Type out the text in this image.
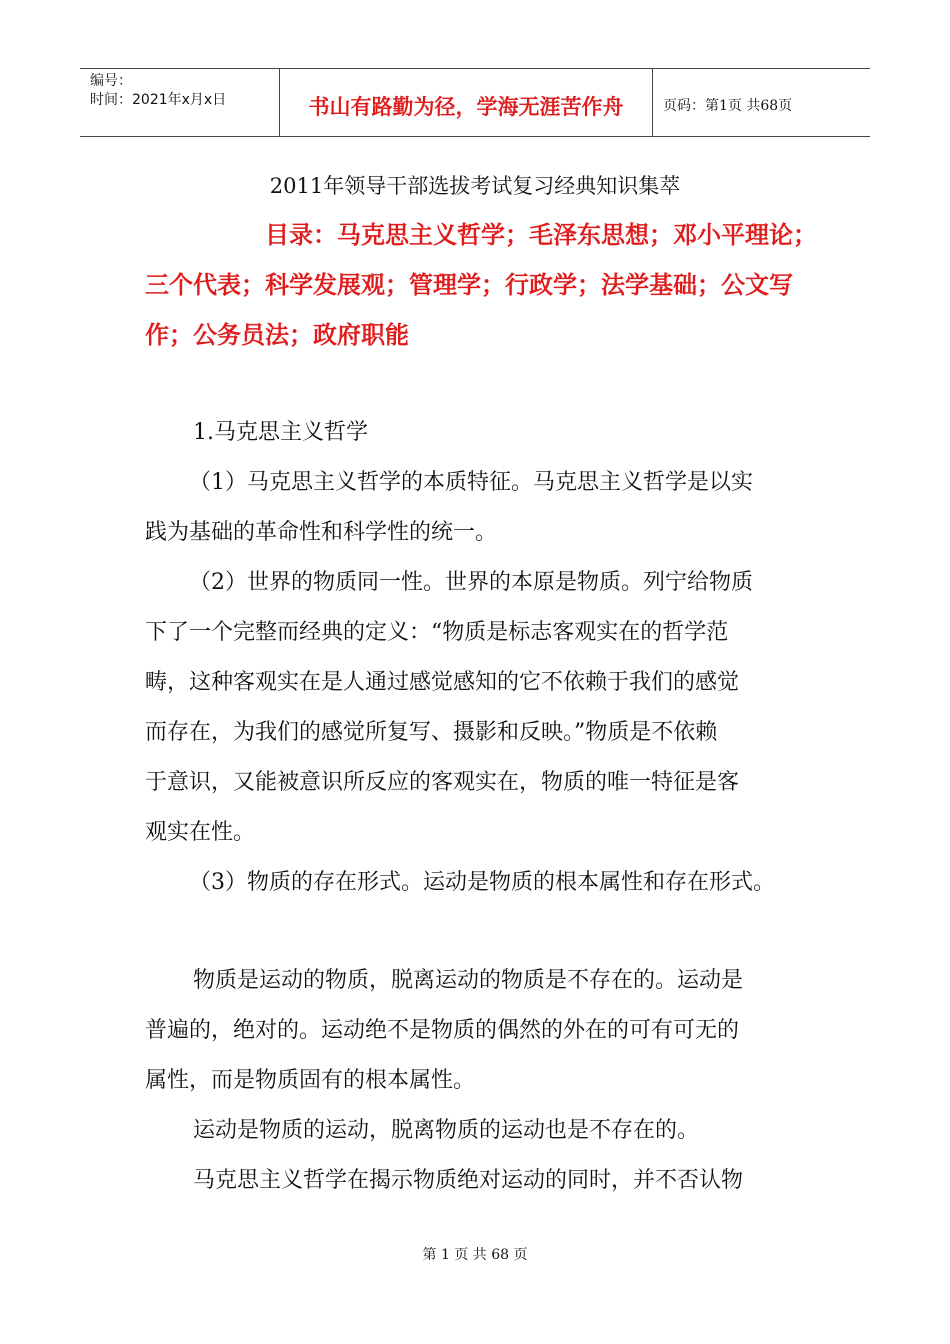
编号：
时间：2021年x月x日	书山有路勤为径，学海无涯苦作舟	页码：第1页 共68页
2011年领导干部选拔考试复习经典知识集萃
目录：马克思主义哲学；毛泽东思想；邓小平理论；
三个代表；科学发展观；管理学；行政学；法学基础；公文写
作；公务员法；政府职能
1.马克思主义哲学
（1）马克思主义哲学的本质特征。马克思主义哲学是以实
践为基础的革命性和科学性的统一。
（2）世界的物质同一性。世界的本原是物质。列宁给物质
下了一个完整而经典的定义：“物质是标志客观实在的哲学范
畴，这种客观实在是人通过感觉感知的它不依赖于我们的感觉
而存在，为我们的感觉所复写、摄影和反映。”物质是不依赖
于意识，又能被意识所反应的客观实在，物质的唯一特征是客
观实在性。
（3）物质的存在形式。运动是物质的根本属性和存在形式。
物质是运动的物质，脱离运动的物质是不存在的。运动是
普遍的，绝对的。运动绝不是物质的偶然的外在的可有可无的
属性，而是物质固有的根本属性。
运动是物质的运动，脱离物质的运动也是不存在的。
马克思主义哲学在揭示物质绝对运动的同时，并不否认物
第 1 页 共 68 页
